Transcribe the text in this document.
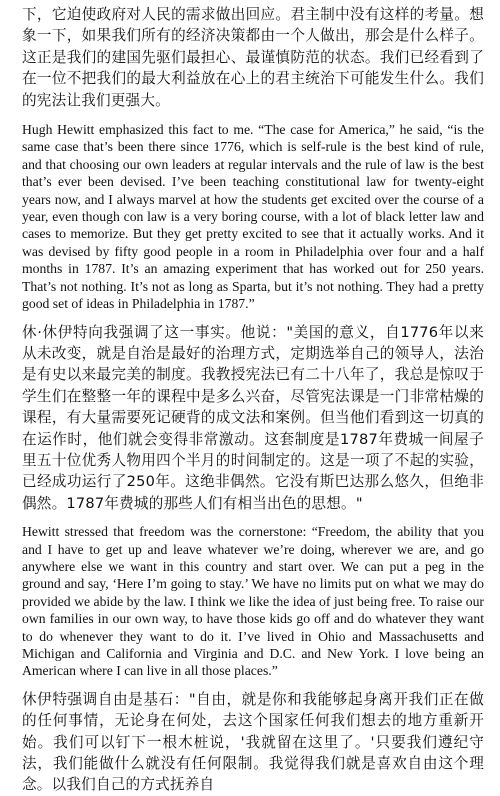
下，它迫使政府对人民的需求做出回应。君主制中没有这样的考量。想象一下，如果我们所有的经济决策都由一个人做出，那会是什么样子。这正是我们的建国先驱们最担心、最谨慎防范的状态。我们已经看到了在一位不把我们的最大利益放在心上的君主统治下可能发生什么。我们的宪法让我们更强大。

Hugh Hewitt emphasized this fact to me. “The case for America,” he said, “is the same case that’s been there since 1776, which is self-rule is the best kind of rule, and that choosing our own leaders at regular intervals and the rule of law is the best that’s ever been devised. I’ve been teaching constitutional law for twenty-eight years now, and I always marvel at how the students get excited over the course of a year, even though con law is a very boring course, with a lot of black letter law and cases to memorize. But they get pretty excited to see that it actually works. And it was devised by fifty good people in a room in Philadelphia over four and a half months in 1787. It’s an amazing experiment that has worked out for 250 years. That’s not nothing. It’s not as long as Sparta, but it’s not nothing. They had a pretty good set of ideas in Philadelphia in 1787.”

休·休伊特向我强调了这一事实。他说："美国的意义，自1776年以来从未改变，就是自治是最好的治理方式，定期选举自己的领导人，法治是有史以来最完美的制度。我教授宪法已有二十八年了，我总是惊叹于学生们在整整一年的课程中是多么兴奋，尽管宪法课是一门非常枯燥的课程，有大量需要死记硬背的成文法和案例。但当他们看到这一切真的在运作时，他们就会变得非常激动。这套制度是1787年费城一间屋子里五十位优秀人物用四个半月的时间制定的。这是一项了不起的实验，已经成功运行了250年。这绝非偶然。它没有斯巴达那么悠久，但绝非偶然。1787年费城的那些人们有相当出色的思想。"

Hewitt stressed that freedom was the cornerstone: “Freedom, the ability that you and I have to get up and leave whatever we’re doing, wherever we are, and go anywhere else we want in this country and start over. We can put a peg in the ground and say, ‘Here I’m going to stay.’ We have no limits put on what we may do provided we abide by the law. I think we like the idea of just being free. To raise our own families in our own way, to have those kids go off and do whatever they want to do whenever they want to do it. I’ve lived in Ohio and Massachusetts and Michigan and California and Virginia and D.C. and New York. I love being an American where I can live in all those places.”

休伊特强调自由是基石："自由，就是你和我能够起身离开我们正在做的任何事情，无论身在何处，去这个国家任何我们想去的地方重新开始。我们可以钉下一根木桩说，'我就留在这里了。'只要我们遵纪守法，我们能做什么就没有任何限制。我觉得我们就是喜欢自由这个理念。以我们自己的方式抚养自
